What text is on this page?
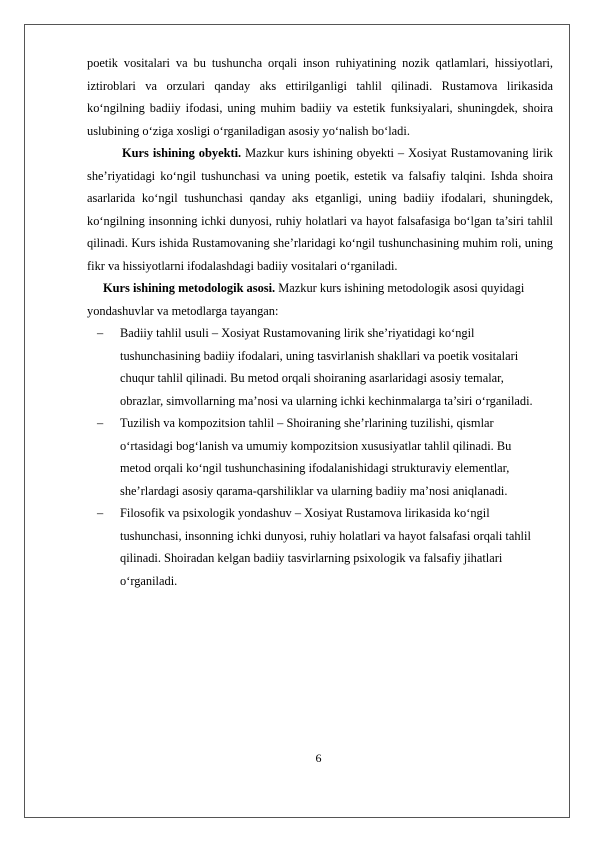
poetik vositalari va bu tushuncha orqali inson ruhiyatining nozik qatlamlari, hissiyotlari, iztiroblari va orzulari qanday aks ettirilganligi tahlil qilinadi. Rustamova lirikasida ko‘ngilning badiiy ifodasi, uning muhim badiiy va estetik funksiyalari, shuningdek, shoira uslubining o‘ziga xosligi o‘rganiladigan asosiy yo‘nalish bo‘ladi.

Kurs ishining obyekti. Mazkur kurs ishining obyekti – Xosiyat Rustamovaning lirik she’riyatidagi ko‘ngil tushunchasi va uning poetik, estetik va falsafiy talqini. Ishda shoira asarlarida ko‘ngil tushunchasi qanday aks etganligi, uning badiiy ifodalari, shuningdek, ko‘ngilning insonning ichki dunyosi, ruhiy holatlari va hayot falsafasiga bo‘lgan ta’siri tahlil qilinadi. Kurs ishida Rustamovaning she’rlaridagi ko‘ngil tushunchasining muhim roli, uning fikr va hissiyotlarni ifodalashdagi badiiy vositalari o‘rganiladi.

Kurs ishining metodologik asosi. Mazkur kurs ishining metodologik asosi quyidagi yondashuvlar va metodlarga tayangan:

– Badiiy tahlil usuli – Xosiyat Rustamovaning lirik she’riyatidagi ko‘ngil tushunchasining badiiy ifodalari, uning tasvirlanish shakllari va poetik vositalari chuqur tahlil qilinadi. Bu metod orqali shoiraning asarlaridagi asosiy temalar, obrazlar, simvollarning ma’nosi va ularning ichki kechinmalarga ta’siri o‘rganiladi.
– Tuzilish va kompozitsion tahlil – Shoiraning she’rlarining tuzilishi, qismlar o‘rtasidagi bog‘lanish va umumiy kompozitsion xususiyatlar tahlil qilinadi. Bu metod orqali ko‘ngil tushunchasining ifodalanishidagi strukturaviy elementlar, she’rlardagi asosiy qarama-qarshiliklar va ularning badiiy ma’nosi aniqlanadi.
– Filosofik va psixologik yondashuv – Xosiyat Rustamova lirikasida ko‘ngil tushunchasi, insonning ichki dunyosi, ruhiy holatlari va hayot falsafasi orqali tahlil qilinadi. Shoiradan kelgan badiiy tasvirlarning psixologik va falsafiy jihatlari o‘rganiladi.
6
